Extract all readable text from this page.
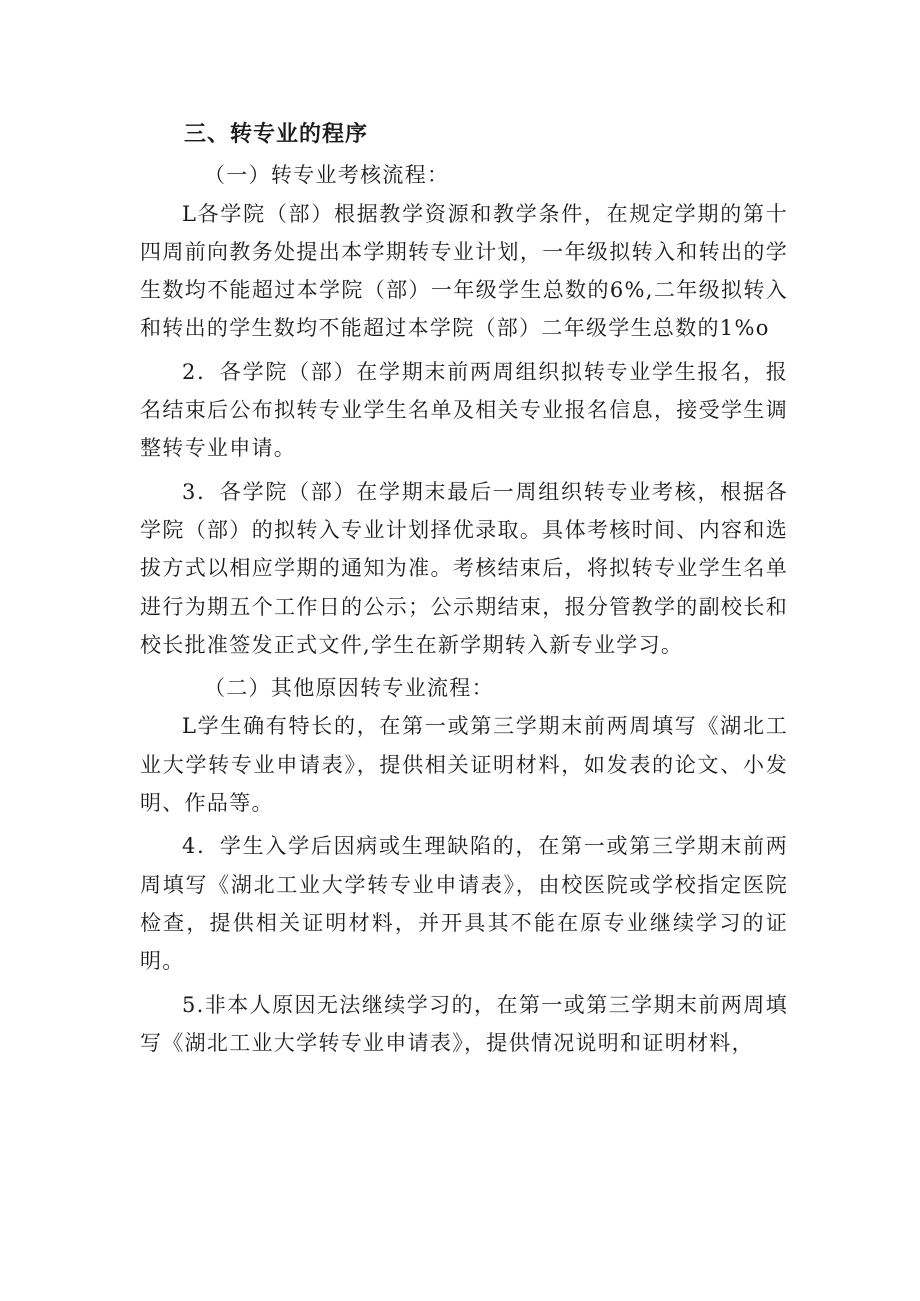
三、转专业的程序

（一）转专业考核流程：

L各学院（部）根据教学资源和教学条件，在规定学期的第十四周前向教务处提出本学期转专业计划，一年级拟转入和转出的学生数均不能超过本学院（部）一年级学生总数的6%,二年级拟转入和转出的学生数均不能超过本学院（部）二年级学生总数的1%o

2．各学院（部）在学期末前两周组织拟转专业学生报名，报名结束后公布拟转专业学生名单及相关专业报名信息，接受学生调整转专业申请。

3．各学院（部）在学期末最后一周组织转专业考核，根据各学院（部）的拟转入专业计划择优录取。具体考核时间、内容和选拔方式以相应学期的通知为准。考核结束后，将拟转专业学生名单进行为期五个工作日的公示；公示期结束，报分管教学的副校长和校长批准签发正式文件,学生在新学期转入新专业学习。

（二）其他原因转专业流程：

L学生确有特长的，在第一或第三学期末前两周填写《湖北工业大学转专业申请表》，提供相关证明材料，如发表的论文、小发明、作品等。

4．学生入学后因病或生理缺陷的，在第一或第三学期末前两周填写《湖北工业大学转专业申请表》，由校医院或学校指定医院检查，提供相关证明材料，并开具其不能在原专业继续学习的证明。

5.非本人原因无法继续学习的，在第一或第三学期末前两周填写《湖北工业大学转专业申请表》，提供情况说明和证明材料，
